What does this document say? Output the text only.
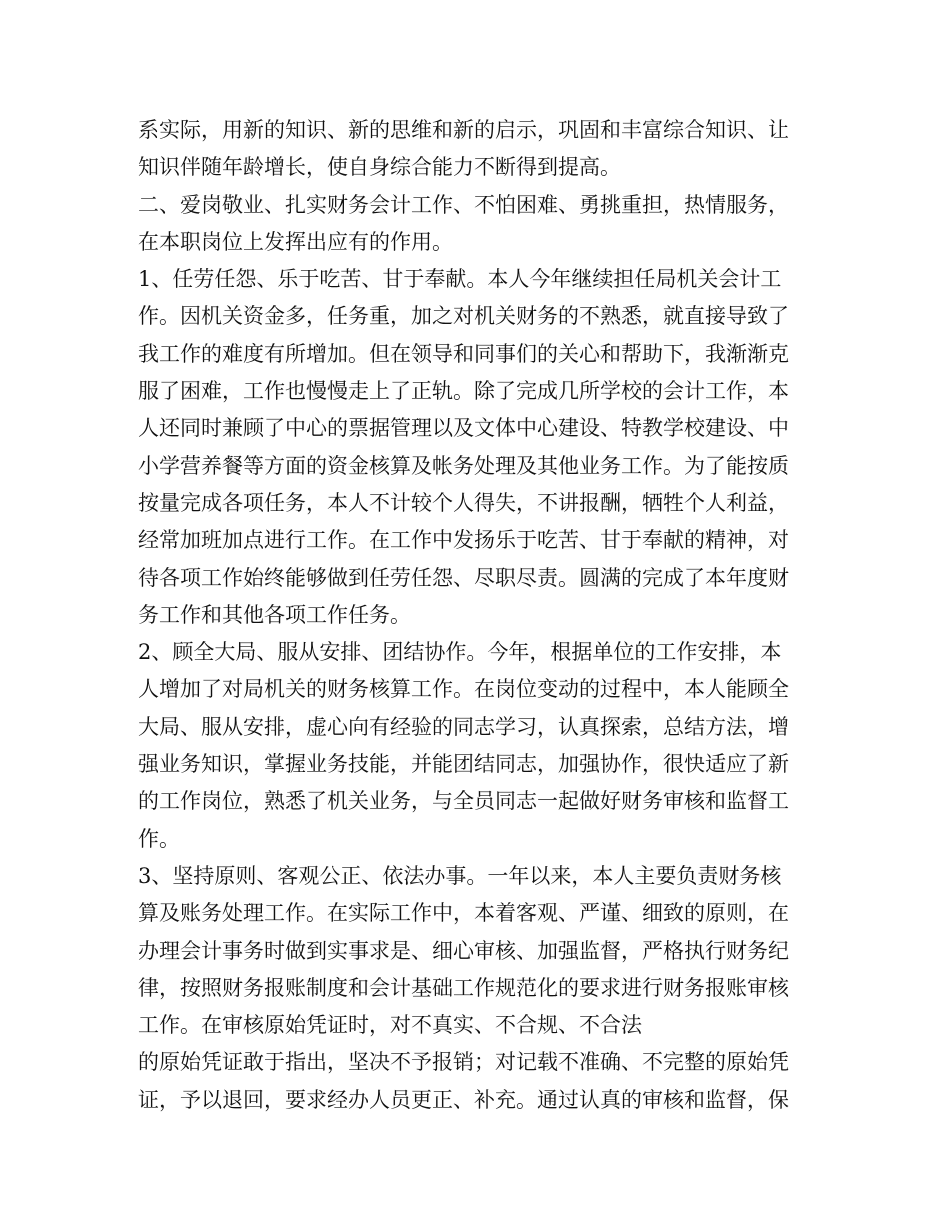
系实际，用新的知识、新的思维和新的启示，巩固和丰富综合知识、让
知识伴随年龄增长，使自身综合能力不断得到提高。
二、爱岗敬业、扎实财务会计工作、不怕困难、勇挑重担，热情服务，
在本职岗位上发挥出应有的作用。
1、任劳任怨、乐于吃苦、甘于奉献。本人今年继续担任局机关会计工
作。因机关资金多，任务重，加之对机关财务的不熟悉，就直接导致了
我工作的难度有所增加。但在领导和同事们的关心和帮助下，我渐渐克
服了困难，工作也慢慢走上了正轨。除了完成几所学校的会计工作，本
人还同时兼顾了中心的票据管理以及文体中心建设、特教学校建设、中
小学营养餐等方面的资金核算及帐务处理及其他业务工作。为了能按质
按量完成各项任务，本人不计较个人得失，不讲报酬，牺牲个人利益，
经常加班加点进行工作。在工作中发扬乐于吃苦、甘于奉献的精神，对
待各项工作始终能够做到任劳任怨、尽职尽责。圆满的完成了本年度财
务工作和其他各项工作任务。
2、顾全大局、服从安排、团结协作。今年，根据单位的工作安排，本
人增加了对局机关的财务核算工作。在岗位变动的过程中，本人能顾全
大局、服从安排，虚心向有经验的同志学习，认真探索，总结方法，增
强业务知识，掌握业务技能，并能团结同志，加强协作，很快适应了新
的工作岗位，熟悉了机关业务，与全员同志一起做好财务审核和监督工
作。
3、坚持原则、客观公正、依法办事。一年以来，本人主要负责财务核
算及账务处理工作。在实际工作中，本着客观、严谨、细致的原则，在
办理会计事务时做到实事求是、细心审核、加强监督，严格执行财务纪
律，按照财务报账制度和会计基础工作规范化的要求进行财务报账审核
工作。在审核原始凭证时，对不真实、不合规、不合法
的原始凭证敢于指出，坚决不予报销；对记载不准确、不完整的原始凭
证，予以退回，要求经办人员更正、补充。通过认真的审核和监督，保
